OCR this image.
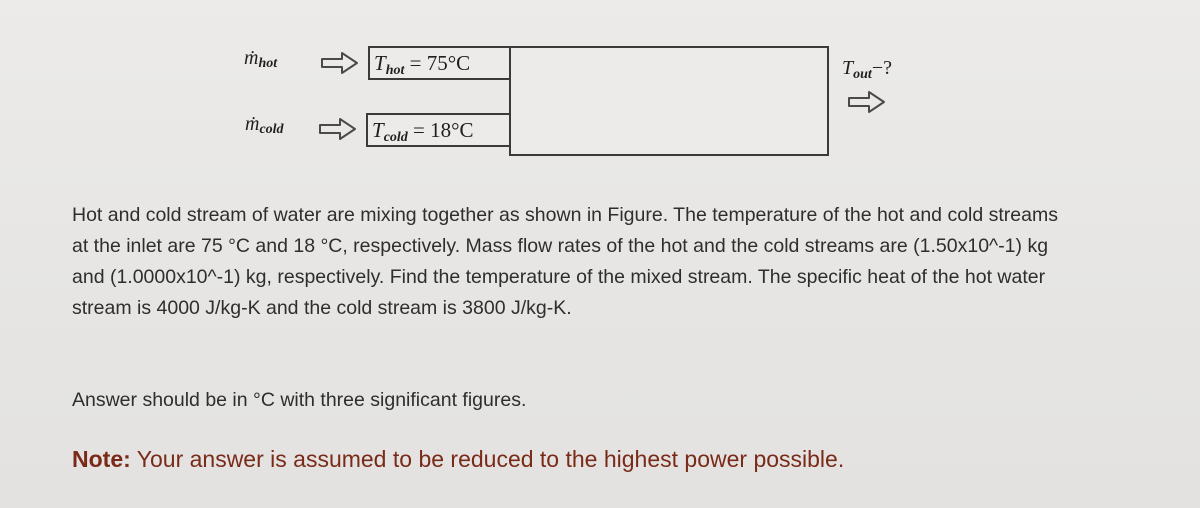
ṁ$_{hot}$	$T_{hot} = 75^\circ C$
ṁ$_{cold}$	$T_{cold} = 18^\circ C$
$T_{out}-$?

Hot and cold stream of water are mixing together as shown in Figure. The temperature of the hot and cold streams at the inlet are 75 °C and 18 °C, respectively. Mass flow rates of the hot and the cold streams are (1.50x10^-1) kg and (1.0000x10^-1) kg, respectively. Find the temperature of the mixed stream. The specific heat of the hot water stream is 4000 J/kg-K and the cold stream is 3800 J/kg-K.

Answer should be in °C with three significant figures.
Note: Your answer is assumed to be reduced to the highest power possible.
